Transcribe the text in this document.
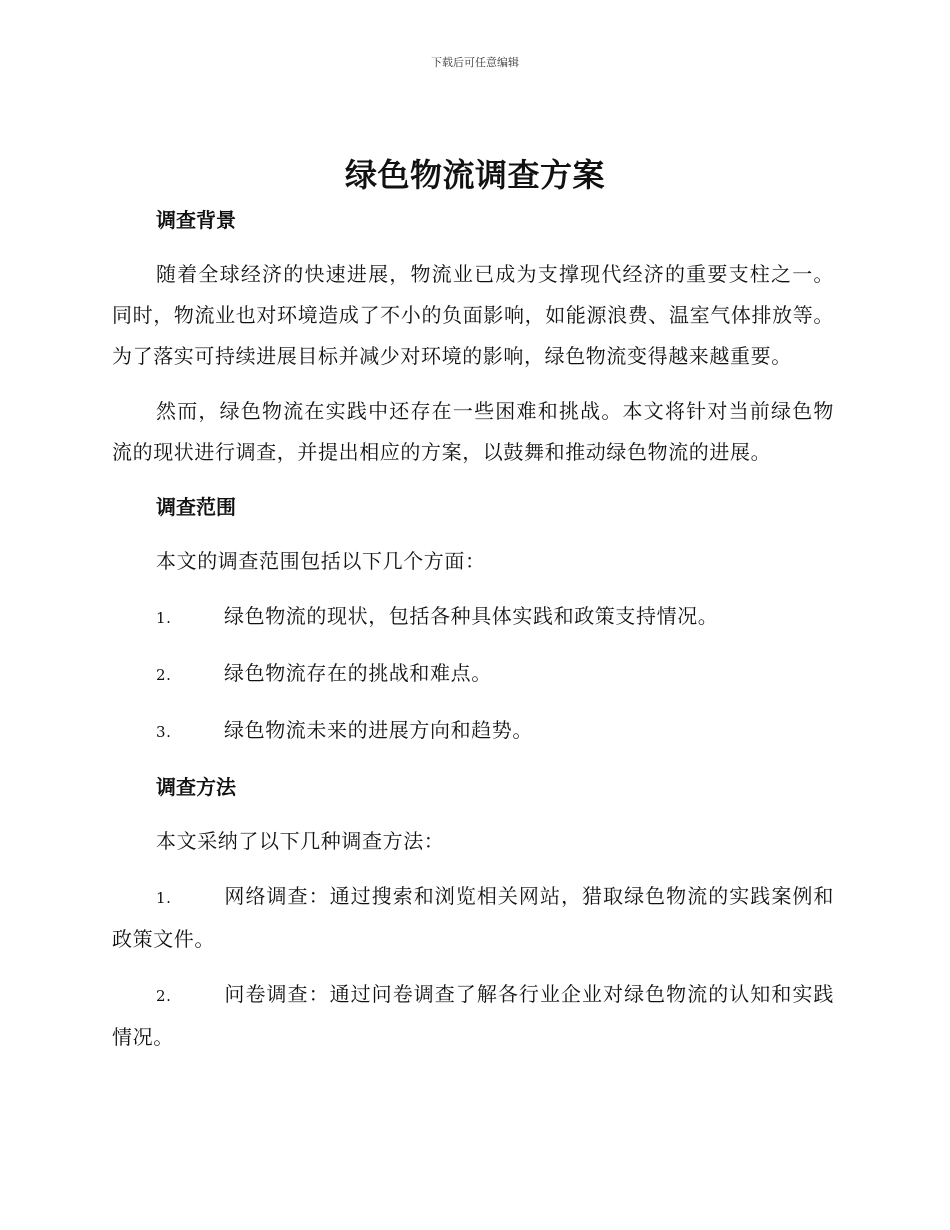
下载后可任意编辑
绿色物流调查方案
调查背景

随着全球经济的快速进展，物流业已成为支撑现代经济的重要支柱之一。同时，物流业也对环境造成了不小的负面影响，如能源浪费、温室气体排放等。为了落实可持续进展目标并减少对环境的影响，绿色物流变得越来越重要。

然而，绿色物流在实践中还存在一些困难和挑战。本文将针对当前绿色物流的现状进行调查，并提出相应的方案，以鼓舞和推动绿色物流的进展。

调查范围

本文的调查范围包括以下几个方面：

1.	绿色物流的现状，包括各种具体实践和政策支持情况。

2.	绿色物流存在的挑战和难点。

3.	绿色物流未来的进展方向和趋势。

调查方法

本文采纳了以下几种调查方法：

1.	网络调查：通过搜索和浏览相关网站，猎取绿色物流的实践案例和政策文件。

2.	问卷调查：通过问卷调查了解各行业企业对绿色物流的认知和实践情况。
